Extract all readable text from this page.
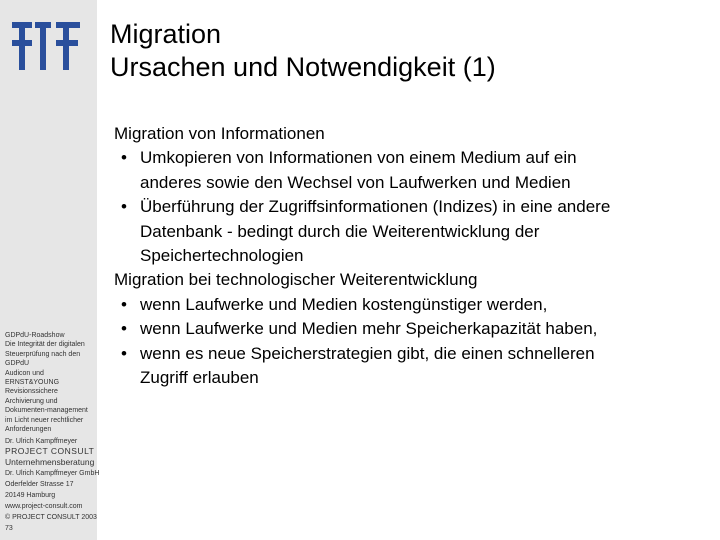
GDPdU-Roadshow
Die Integrität der digitalen
Steuerprüfung nach den
GDPdU
Audicon und
ERNST&YOUNG
Revisionssichere
Archivierung und
Dokumenten-management
im Licht neuer rechtlicher
Anforderungen
Dr. Ulrich Kampffmeyer
PROJECT CONSULT
Unternehmensberatung
Dr. Ulrich Kampffmeyer GmbH
Oderfelder Strasse 17
20149 Hamburg
www.project-consult.com
© PROJECT CONSULT 2003
73
Migration
Ursachen und Notwendigkeit (1)
Migration von Informationen
• Umkopieren von Informationen von einem Medium auf ein
anderes sowie den Wechsel von Laufwerken und Medien
• Überführung der Zugriffsinformationen (Indizes) in eine andere
Datenbank - bedingt durch die Weiterentwicklung der
Speichertechnologien
Migration bei technologischer Weiterentwicklung
• wenn Laufwerke und Medien kostengünstiger werden,
• wenn Laufwerke und Medien mehr Speicherkapazität haben,
• wenn es neue Speicherstrategien gibt, die einen schnelleren
Zugriff erlauben
